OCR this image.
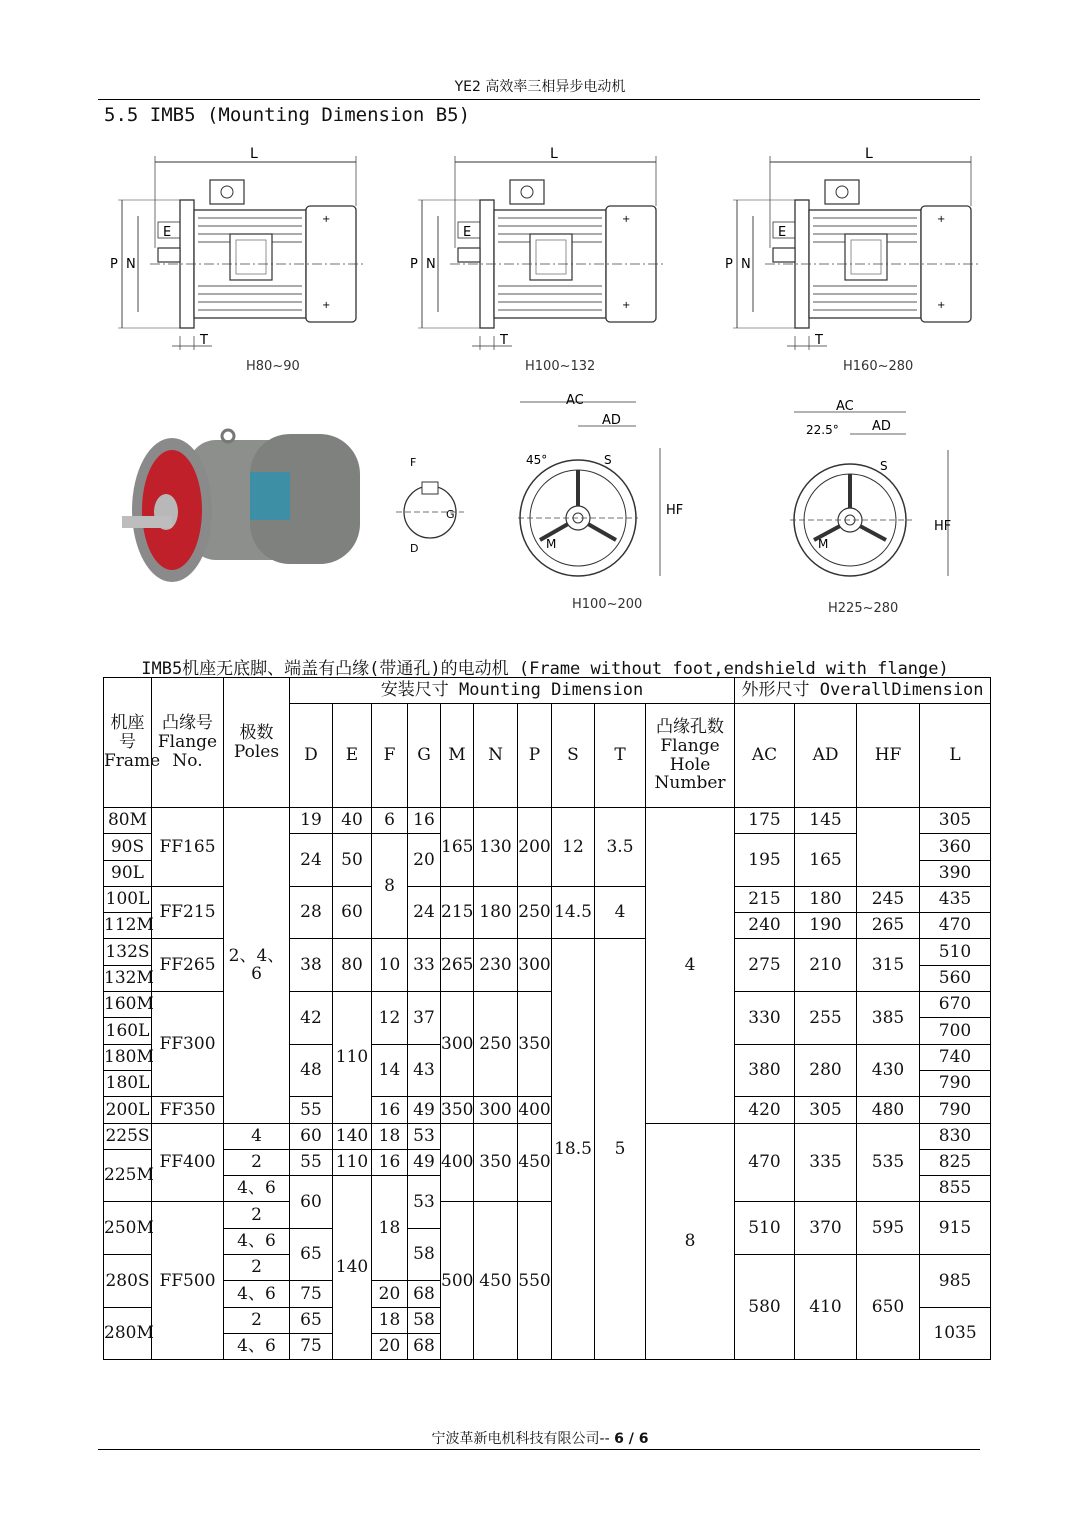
YE2 高效率三相异步电动机
5.5 IMB5 (Mounting Dimension B5)
L
P N
E
T
H80~90
L
P N
E
T
H100~132
L
P N
E
T
H160~280
F
G
D
AC
AD
HF
45°	S
M
H100~200
AC
AD
HF
22.5°
S
M
H225~280
IMB5机座无底脚、端盖有凸缘(带通孔)的电动机 (Frame without foot,endshield with flange)
机座号 Frame	凸缘号 Flange No.	极数 Poles	安装尺寸 Mounting Dimension										外形尺寸 OverallDimension			
			D	E	F	G	M	N	P	S	T	凸缘孔数 Flange Hole Number	AC	AD	HF	L
80M	FF165	2、4、6	19	40	6	16	165	130	200	12	3.5	4	175	145		305
90S			24	50	8	20							195	165		360
90L																390
100L	FF215		28	60		24	215	180	250	14.5	4		215	180	245	435
112M													240	190	265	470
132S	FF265		38	80	10	33	265	230	300	18.5	5		275	210	315	510
132M																560
160M	FF300		42	110	12	37	300	250	350				330	255	385	670
160L																700
180M			48		14	43							380	280	430	740
180L																790
200L	FF350		55		16	49	350	300	400				420	305	480	790
225S	FF400	4	60	140	18	53	400	350	450			8	470	335	535	830
225M		2	55	110	16	49										825
		4、6	60	140	18	53										855
250M	FF500	2					500	450	550				510	370	595	915
		4、6	65			58										
280S		2											580	410	650	985
		4、6	75		20	68										
280M		2	65		18	58										1035
		4、6	75		20	68										
宁波革新电机科技有限公司-- 6 / 6
